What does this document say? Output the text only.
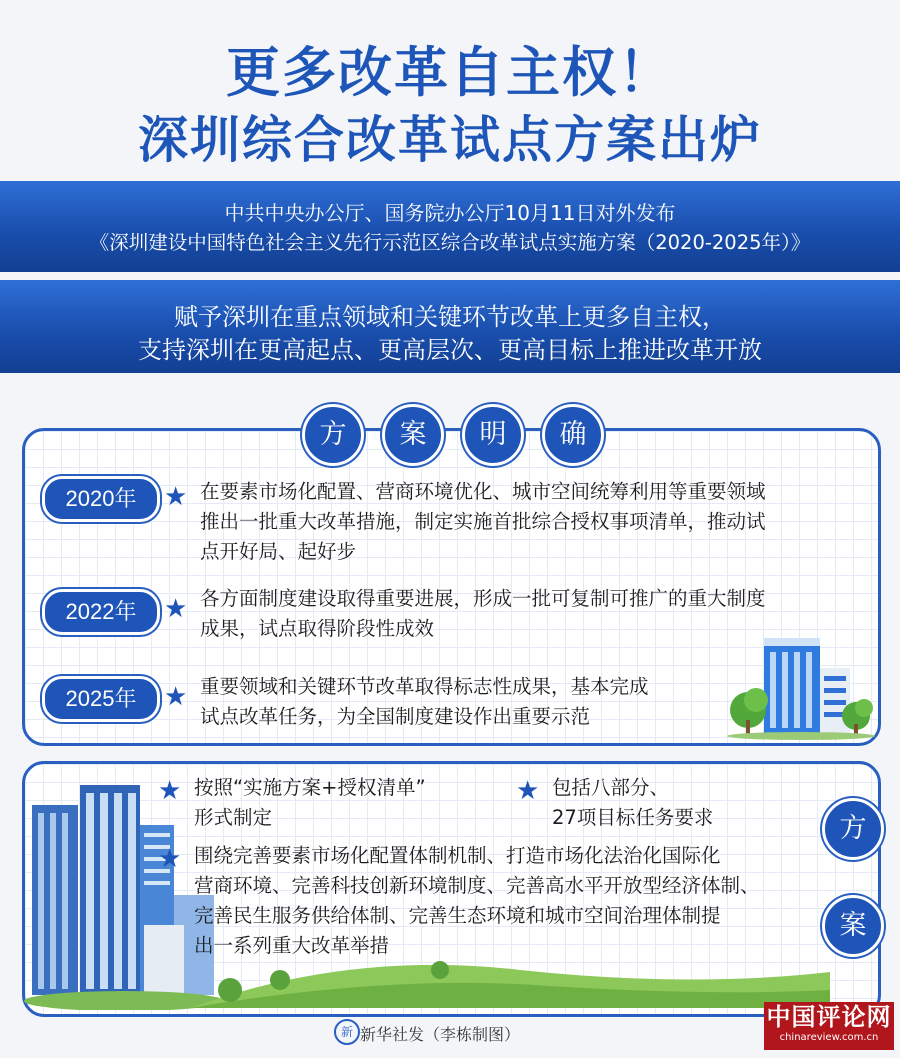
更多改革自主权！
深圳综合改革试点方案出炉
中共中央办公厅、国务院办公厅10月11日对外发布
《深圳建设中国特色社会主义先行示范区综合改革试点实施方案（2020-2025年）》
赋予深圳在重点领域和关键环节改革上更多自主权，
支持深圳在更高起点、更高层次、更高目标上推进改革开放
方	案	明	确
2020年	★ 在要素市场化配置、营商环境优化、城市空间统筹利用等重要领域
推出一批重大改革措施，制定实施首批综合授权事项清单，推动试
点开好局、起好步
2022年	★ 各方面制度建设取得重要进展，形成一批可复制可推广的重大制度
成果，试点取得阶段性成效
2025年	★ 重要领域和关键环节改革取得标志性成果，基本完成
试点改革任务，为全国制度建设作出重要示范
★ 按照“实施方案+授权清单”
形式制定
★ 包括八部分、
27项目标任务要求
★ 围绕完善要素市场化配置体制机制、打造市场化法治化国际化
营商环境、完善科技创新环境制度、完善高水平开放型经济体制、
完善民生服务供给体制、完善生态环境和城市空间治理体制提
出一系列重大改革举措
方
案
新 新华社发（李栋制图）
中国评论网
chinareview.com.cn
